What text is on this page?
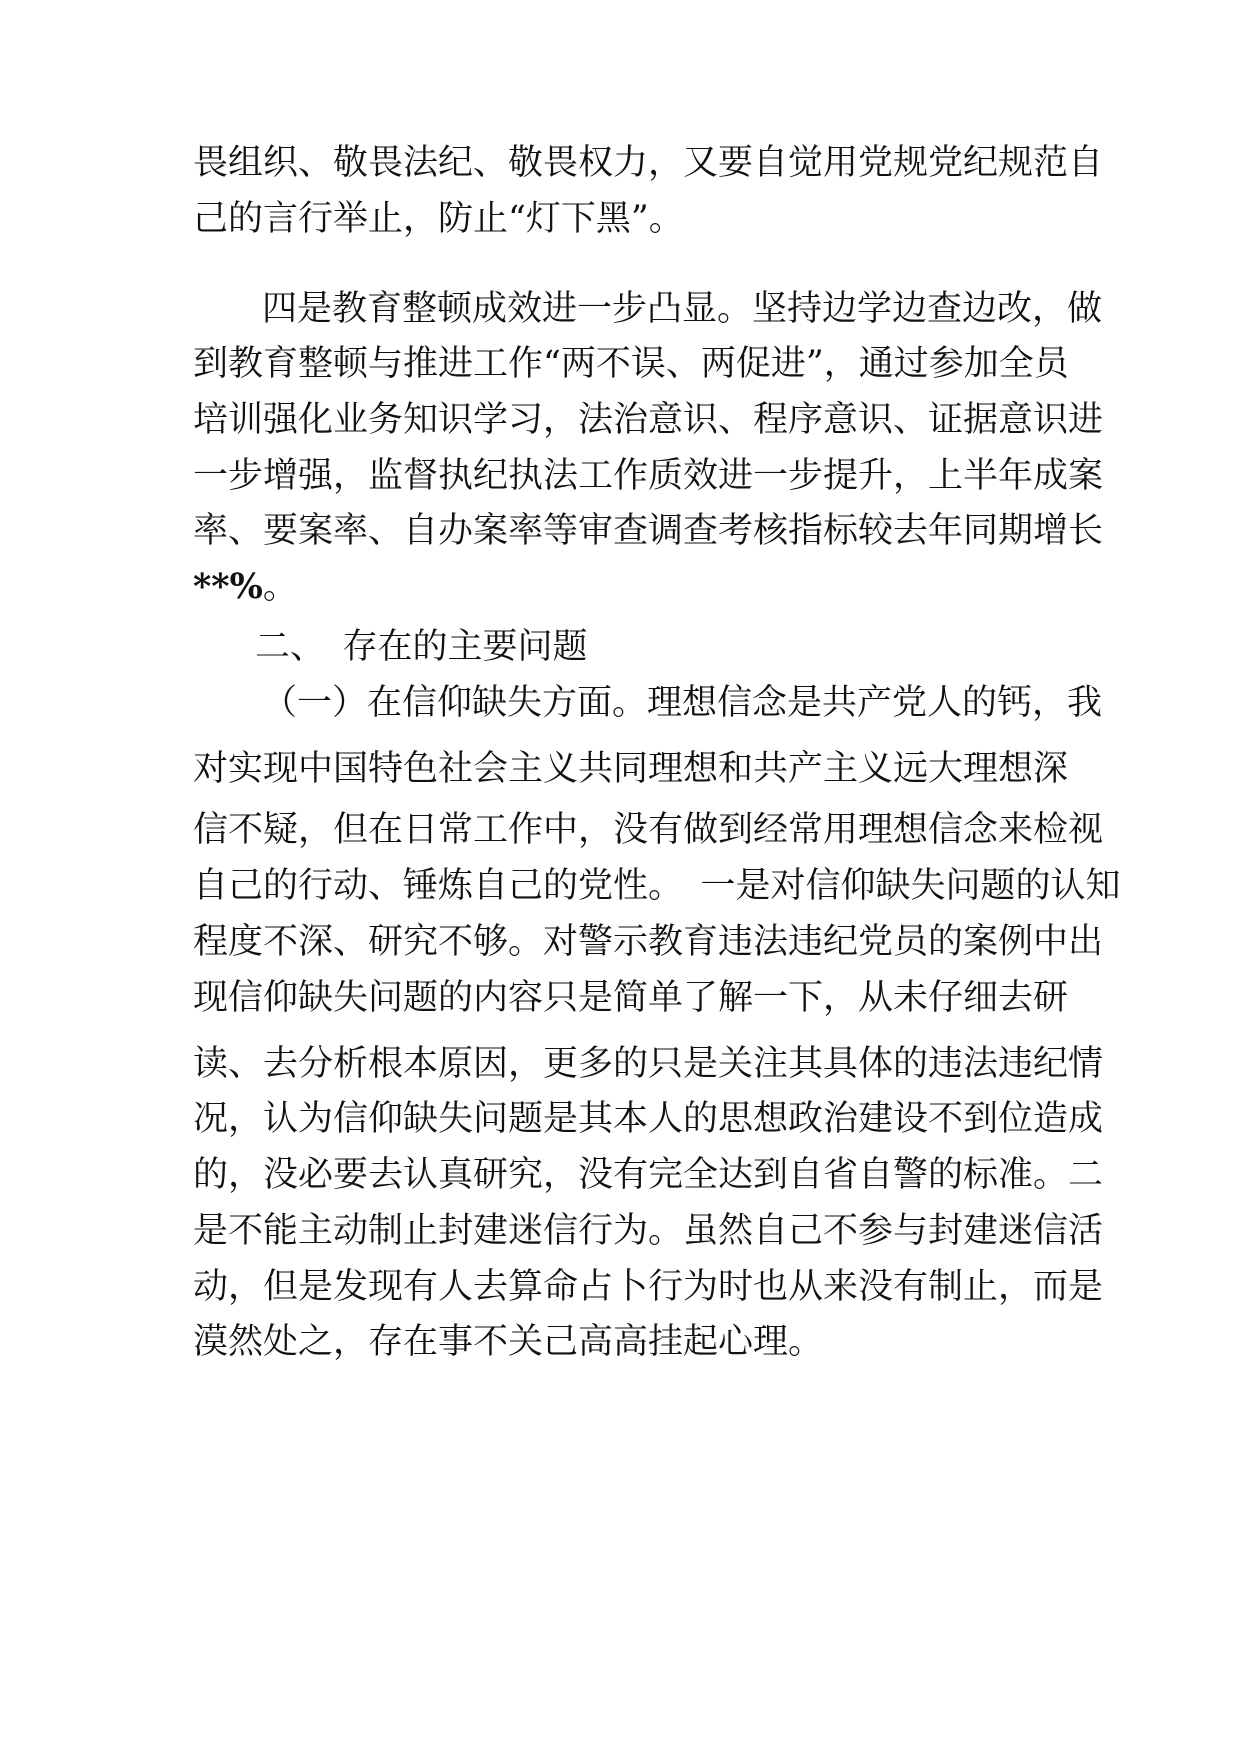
畏组织、敬畏法纪、敬畏权力，又要自觉用党规党纪规范自
己的言行举止，防止“灯下黑”。
四是教育整顿成效进一步凸显。坚持边学边查边改，做
到教育整顿与推进工作“两不误、两促进”，通过参加全员
培训强化业务知识学习，法治意识、程序意识、证据意识进
一步增强，监督执纪执法工作质效进一步提升，上半年成案
率、要案率、自办案率等审查调查考核指标较去年同期增长
**%。
二、　存在的主要问题
（一）在信仰缺失方面。理想信念是共产党人的钙，我
对实现中国特色社会主义共同理想和共产主义远大理想深
信不疑，但在日常工作中，没有做到经常用理想信念来检视
自己的行动、锤炼自己的党性。　一是对信仰缺失问题的认知
程度不深、研究不够。对警示教育违法违纪党员的案例中出
现信仰缺失问题的内容只是简单了解一下，从未仔细去研
读、去分析根本原因，更多的只是关注其具体的违法违纪情
况，认为信仰缺失问题是其本人的思想政治建设不到位造成
的，没必要去认真研究，没有完全达到自省自警的标准。二
是不能主动制止封建迷信行为。虽然自己不参与封建迷信活
动，但是发现有人去算命占卜行为时也从来没有制止，而是
漠然处之，存在事不关己高高挂起心理。
